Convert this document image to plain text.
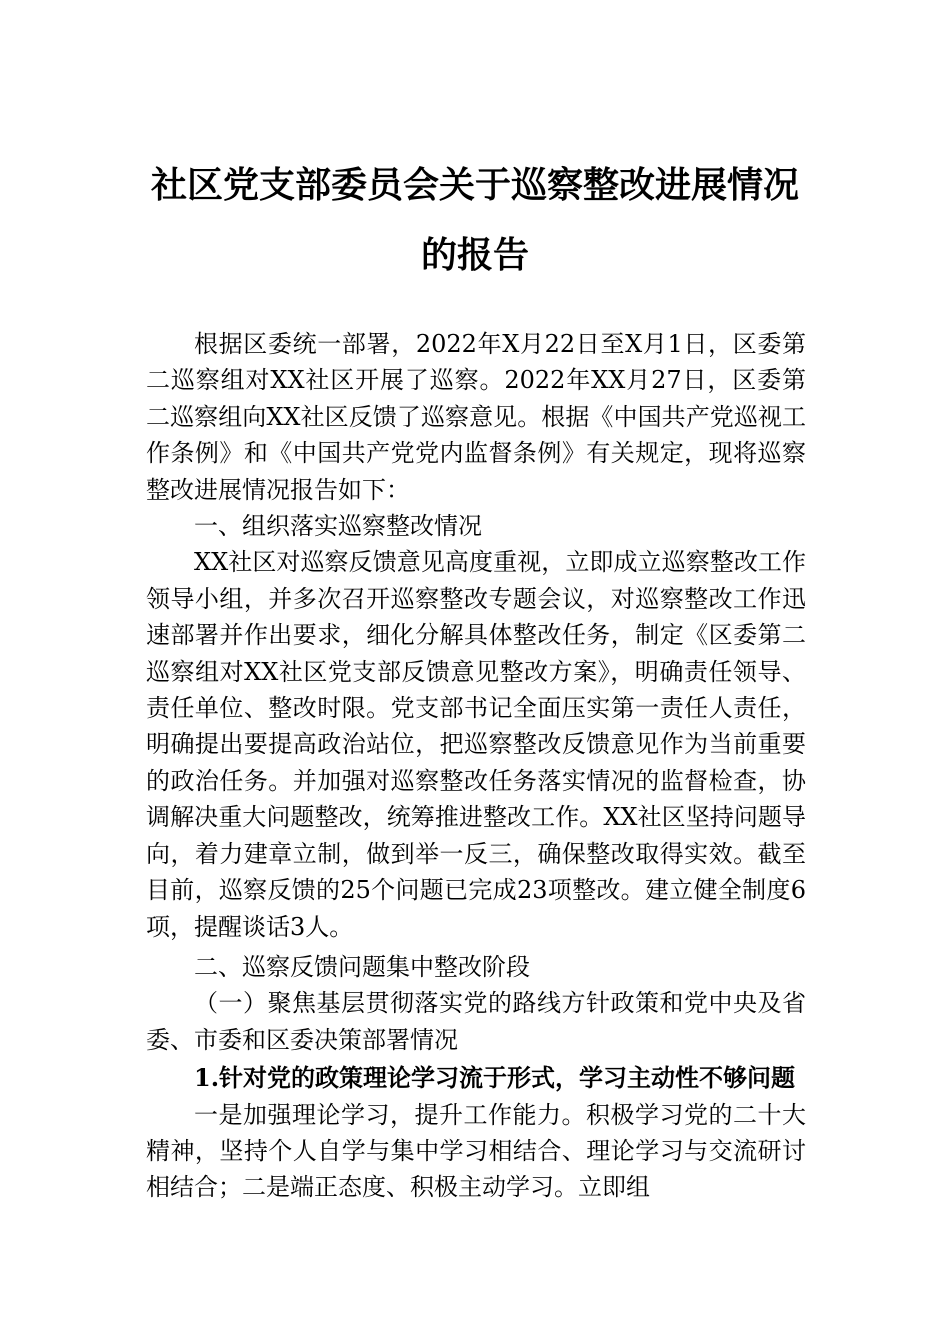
社区党支部委员会关于巡察整改进展情况
的报告

根据区委统一部署，2022年X月22日至X月1日，区委第二巡察组对XX社区开展了巡察。2022年XX月27日，区委第二巡察组向XX社区反馈了巡察意见。根据《中国共产党巡视工作条例》和《中国共产党党内监督条例》有关规定，现将巡察整改进展情况报告如下：

一、组织落实巡察整改情况

XX社区对巡察反馈意见高度重视，立即成立巡察整改工作领导小组，并多次召开巡察整改专题会议，对巡察整改工作迅速部署并作出要求，细化分解具体整改任务，制定《区委第二巡察组对XX社区党支部反馈意见整改方案》，明确责任领导、责任单位、整改时限。党支部书记全面压实第一责任人责任，明确提出要提高政治站位，把巡察整改反馈意见作为当前重要的政治任务。并加强对巡察整改任务落实情况的监督检查，协调解决重大问题整改，统筹推进整改工作。XX社区坚持问题导向，着力建章立制，做到举一反三，确保整改取得实效。截至目前，巡察反馈的25个问题已完成23项整改。建立健全制度6项，提醒谈话3人。

二、巡察反馈问题集中整改阶段

（一）聚焦基层贯彻落实党的路线方针政策和党中央及省委、市委和区委决策部署情况

1.针对党的政策理论学习流于形式，学习主动性不够问题

一是加强理论学习，提升工作能力。积极学习党的二十大精神，坚持个人自学与集中学习相结合、理论学习与交流研讨相结合；二是端正态度、积极主动学习。立即组
